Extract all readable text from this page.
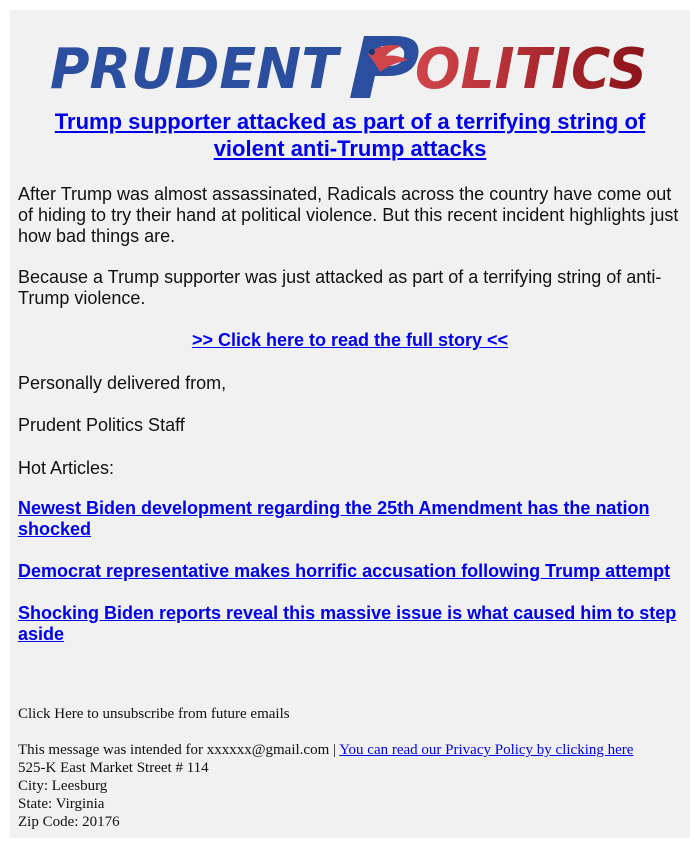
PRUDENT OLITICS

Trump supporter attacked as part of a terrifying string of violent anti-Trump attacks

After Trump was almost assassinated, Radicals across the country have come out of hiding to try their hand at political violence. But this recent incident highlights just how bad things are.

Because a Trump supporter was just attacked as part of a terrifying string of anti-Trump violence.

>> Click here to read the full story <<

Personally delivered from,

Prudent Politics Staff

Hot Articles:

Newest Biden development regarding the 25th Amendment has the nation shocked

Democrat representative makes horrific accusation following Trump attempt

Shocking Biden reports reveal this massive issue is what caused him to step aside

Click Here to unsubscribe from future emails

This message was intended for xxxxxx@gmail.com | You can read our Privacy Policy by clicking here

525-K East Market Street # 114

City: Leesburg

State: Virginia

Zip Code: 20176
